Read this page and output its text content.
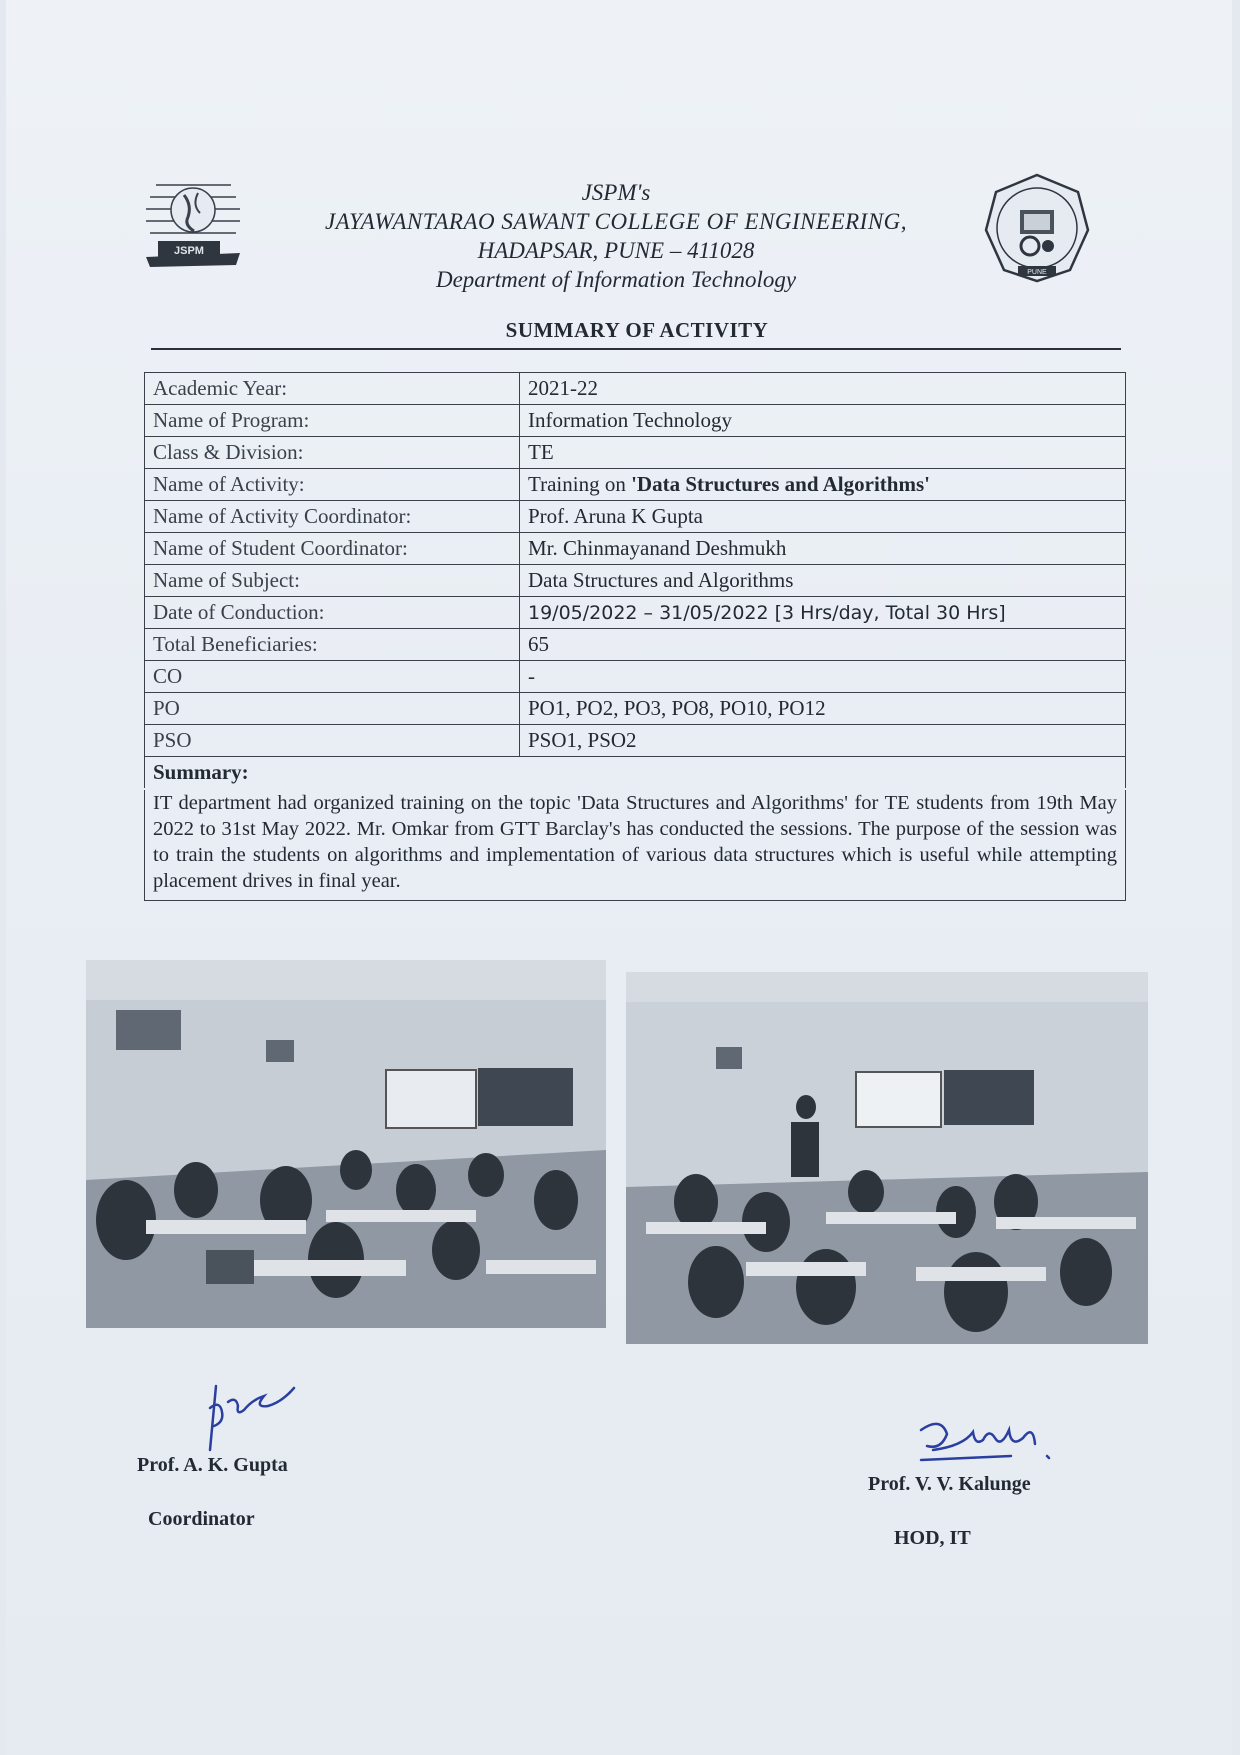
JSPM
JSPM's
JAYAWANTARAO SAWANT COLLEGE OF ENGINEERING,
HADAPSAR, PUNE – 411028
Department of Information Technology	PUNE
SUMMARY OF ACTIVITY
Academic Year:	2021-22
Name of Program:	Information Technology
Class & Division:	TE
Name of Activity:	Training on 'Data Structures and Algorithms'
Name of Activity Coordinator:	Prof. Aruna K Gupta
Name of Student Coordinator:	Mr. Chinmayanand Deshmukh
Name of Subject:	Data Structures and Algorithms
Date of Conduction:	19/05/2022 – 31/05/2022 [3 Hrs/day, Total 30 Hrs]
Total Beneficiaries:	65
CO	-
PO	PO1, PO2, PO3, PO8, PO10, PO12
PSO	PSO1, PSO2
Summary:	
IT department had organized training on the topic 'Data Structures and Algorithms' for TE students from 19th May 2022 to 31st May 2022. Mr. Omkar from GTT Barclay's has conducted the sessions. The purpose of the session was to train the students on algorithms and implementation of various data structures which is useful while attempting placement drives in final year.
Prof. A. K. Gupta
Coordinator
Prof. V. V. Kalunge
HOD, IT
